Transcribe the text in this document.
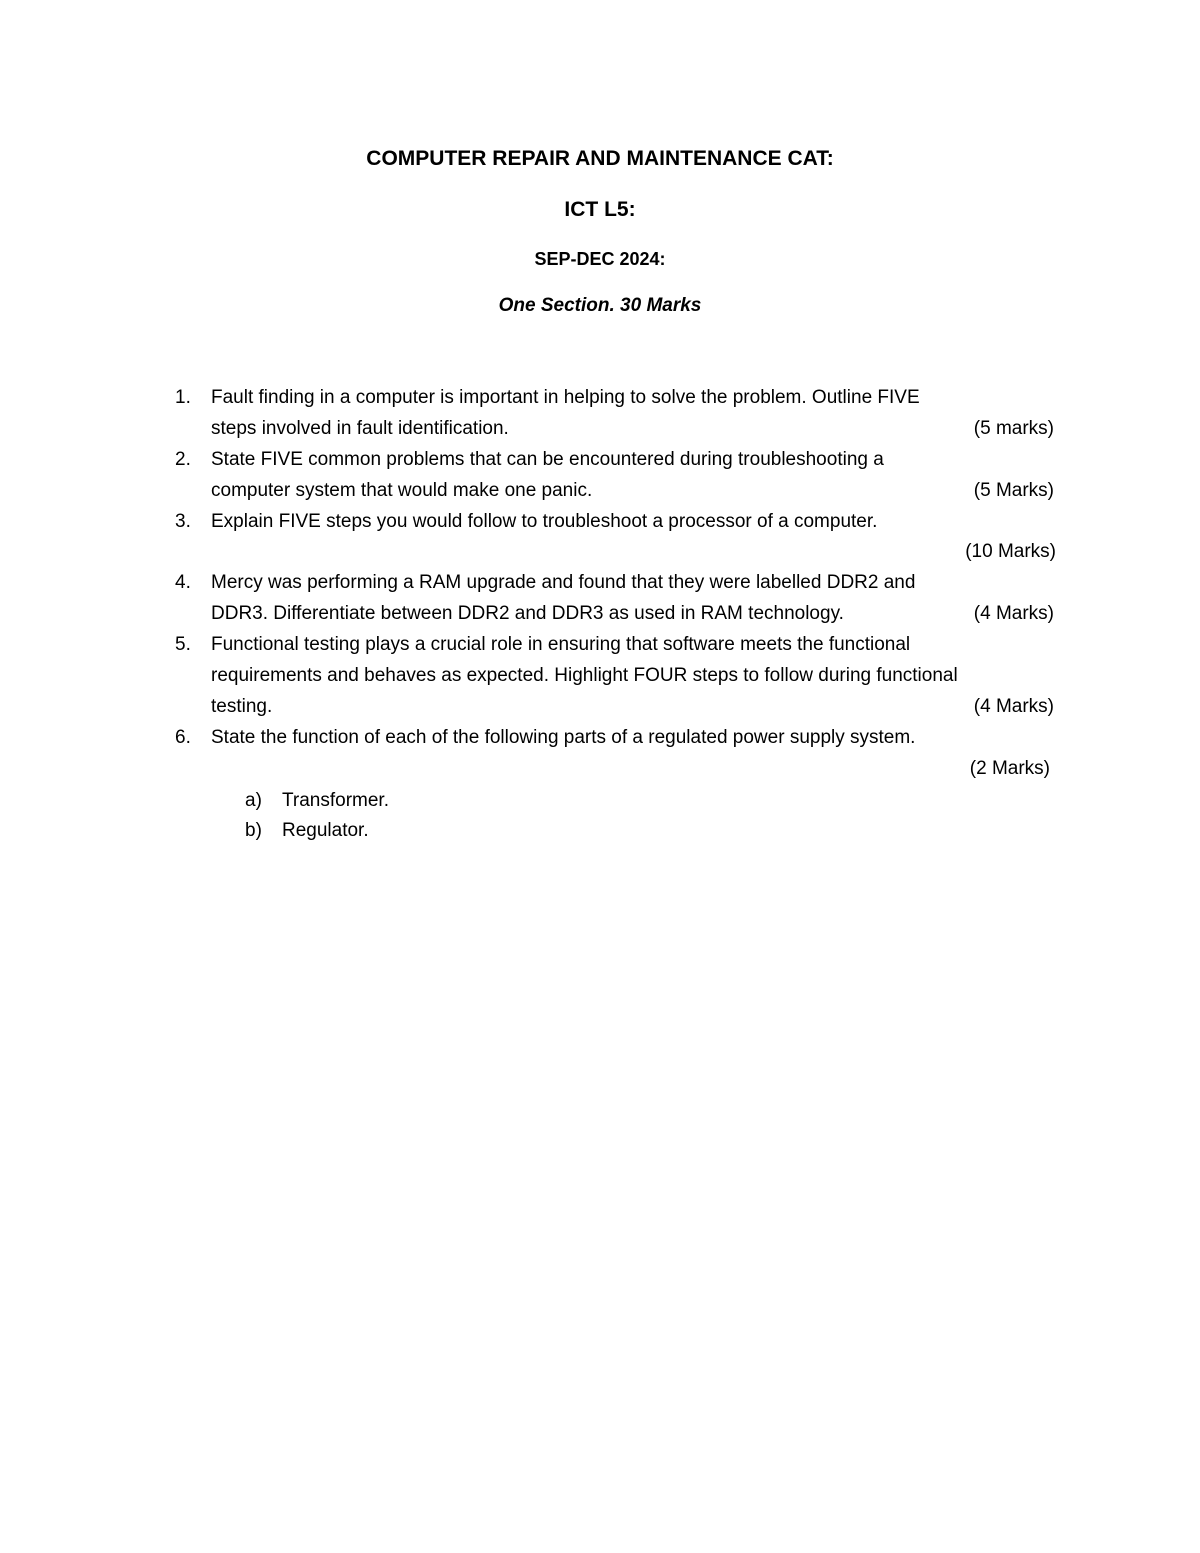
COMPUTER REPAIR AND MAINTENANCE CAT:
ICT L5:
SEP-DEC 2024:
One Section. 30 Marks
1. Fault finding in a computer is important in helping to solve the problem. Outline FIVE
steps involved in fault identification.	(5 marks)
2. State FIVE common problems that can be encountered during troubleshooting a
computer system that would make one panic.	(5 Marks)
3. Explain FIVE steps you would follow to troubleshoot a processor of a computer.
(10 Marks)
4. Mercy was performing a RAM upgrade and found that they were labelled DDR2 and
DDR3. Differentiate between DDR2 and DDR3 as used in RAM technology.	(4 Marks)
5. Functional testing plays a crucial role in ensuring that software meets the functional
requirements and behaves as expected. Highlight FOUR steps to follow during functional
testing.	(4 Marks)
6. State the function of each of the following parts of a regulated power supply system.
(2 Marks)
a) Transformer.
b) Regulator.
